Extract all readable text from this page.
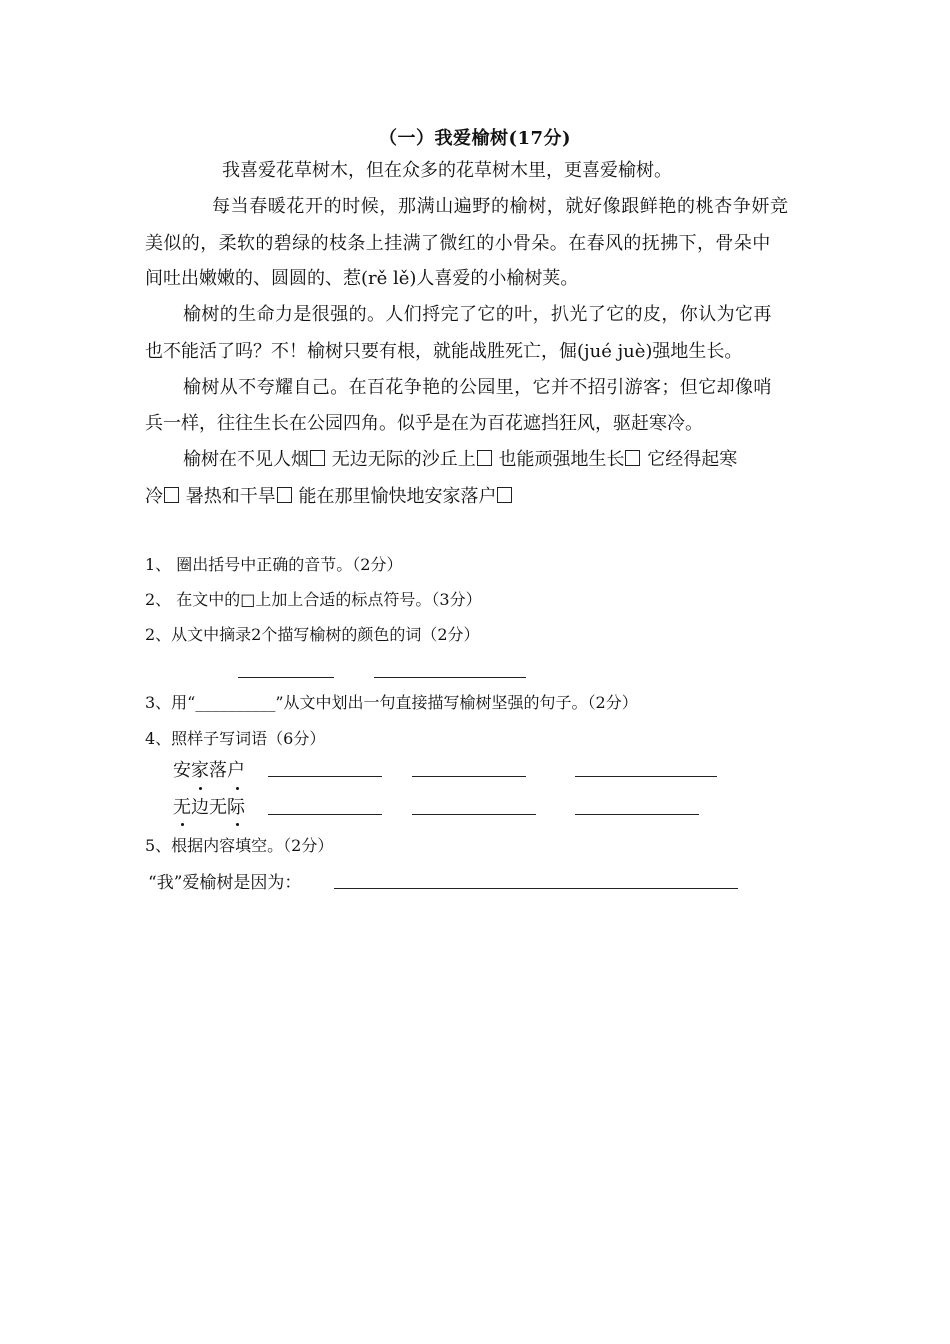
（一）我爱榆树(17分)
我喜爱花草树木，但在众多的花草树木里，更喜爱榆树。
每当春暖花开的时候，那满山遍野的榆树，就好像跟鲜艳的桃杏争妍竞
美似的，柔软的碧绿的枝条上挂满了微红的小骨朵。在春风的抚拂下，骨朵中
间吐出嫩嫩的、圆圆的、惹(rě lě)人喜爱的小榆树荚。
榆树的生命力是很强的。人们捋完了它的叶，扒光了它的皮，你认为它再
也不能活了吗？不！榆树只要有根，就能战胜死亡，倔(jué juè)强地生长。
榆树从不夸耀自己。在百花争艳的公园里，它并不招引游客；但它却像哨
兵一样，往往生长在公园四角。似乎是在为百花遮挡狂风，驱赶寒冷。
榆树在不见人烟 无边无际的沙丘上 也能顽强地生长 它经得起寒
冷 暑热和干旱 能在那里愉快地安家落户
1、 圈出括号中正确的音节。（2分）
2、 在文中的□上加上合适的标点符号。（3分）
2、从文中摘录2个描写榆树的颜色的词（2分）
3、用“__________”从文中划出一句直接描写榆树坚强的句子。（2分）
4、照样子写词语（6分）
安家落户
无边无际
5、根据内容填空。（2分）
“我”爱榆树是因为：
